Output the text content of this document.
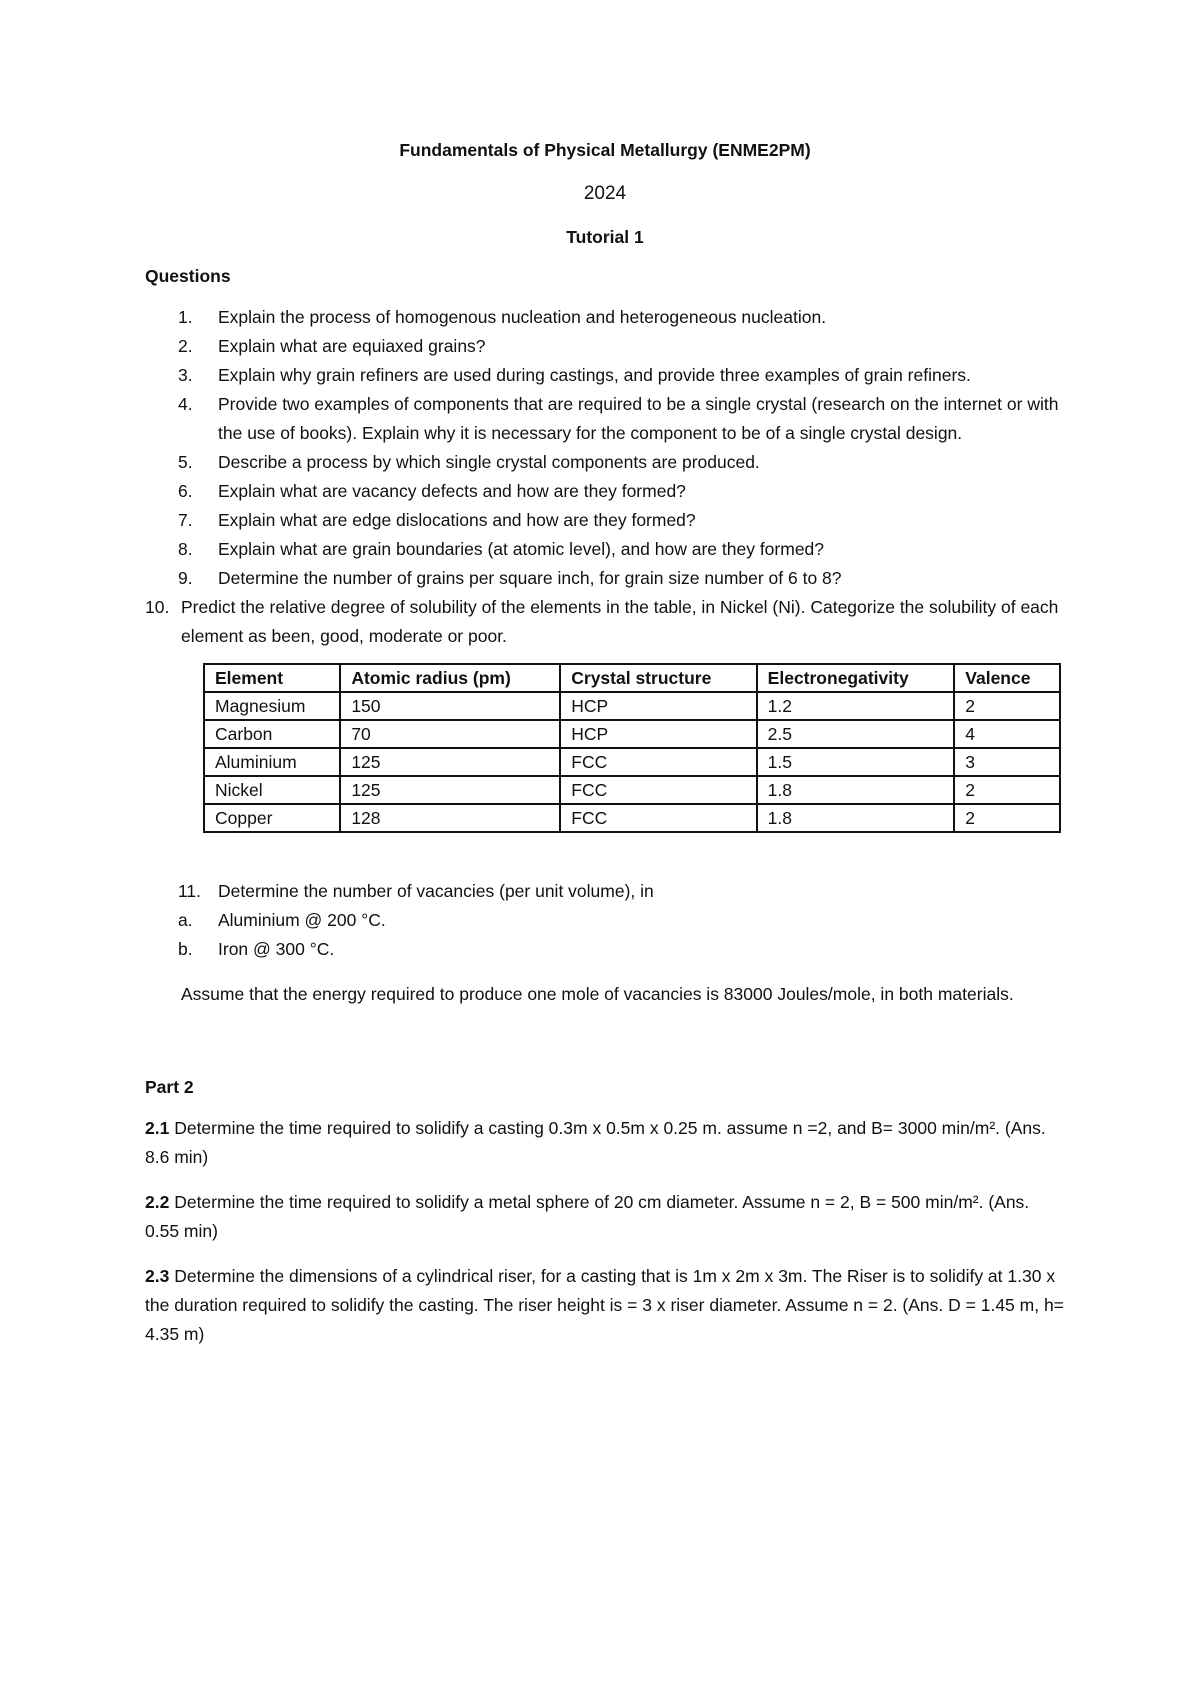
Fundamentals of Physical Metallurgy (ENME2PM)
2024
Tutorial 1
Questions
1. Explain the process of homogenous nucleation and heterogeneous nucleation.
2. Explain what are equiaxed grains?
3. Explain why grain refiners are used during castings, and provide three examples of grain refiners.
4. Provide two examples of components that are required to be a single crystal (research on the internet or with the use of books). Explain why it is necessary for the component to be of a single crystal design.
5. Describe a process by which single crystal components are produced.
6. Explain what are vacancy defects and how are they formed?
7. Explain what are edge dislocations and how are they formed?
8. Explain what are grain boundaries (at atomic level), and how are they formed?
9. Determine the number of grains per square inch, for grain size number of 6 to 8?
10. Predict the relative degree of solubility of the elements in the table, in Nickel (Ni). Categorize the solubility of each element as been, good, moderate or poor.
Element	Atomic radius (pm)	Crystal structure	Electronegativity	Valence
Magnesium	150	HCP	1.2	2
Carbon	70	HCP	2.5	4
Aluminium	125	FCC	1.5	3
Nickel	125	FCC	1.8	2
Copper	128	FCC	1.8	2
11. Determine the number of vacancies (per unit volume), in
a. Aluminium @ 200 °C.
b. Iron @ 300 °C.
Assume that the energy required to produce one mole of vacancies is 83000 Joules/mole, in both materials.
Part 2
2.1 Determine the time required to solidify a casting 0.3m x 0.5m x 0.25 m. assume n =2, and B= 3000 min/m². (Ans. 8.6 min)
2.2 Determine the time required to solidify a metal sphere of 20 cm diameter. Assume n = 2, B = 500 min/m². (Ans. 0.55 min)
2.3 Determine the dimensions of a cylindrical riser, for a casting that is 1m x 2m x 3m. The Riser is to solidify at 1.30 x the duration required to solidify the casting. The riser height is = 3 x riser diameter. Assume n = 2. (Ans. D = 1.45 m, h= 4.35 m)
